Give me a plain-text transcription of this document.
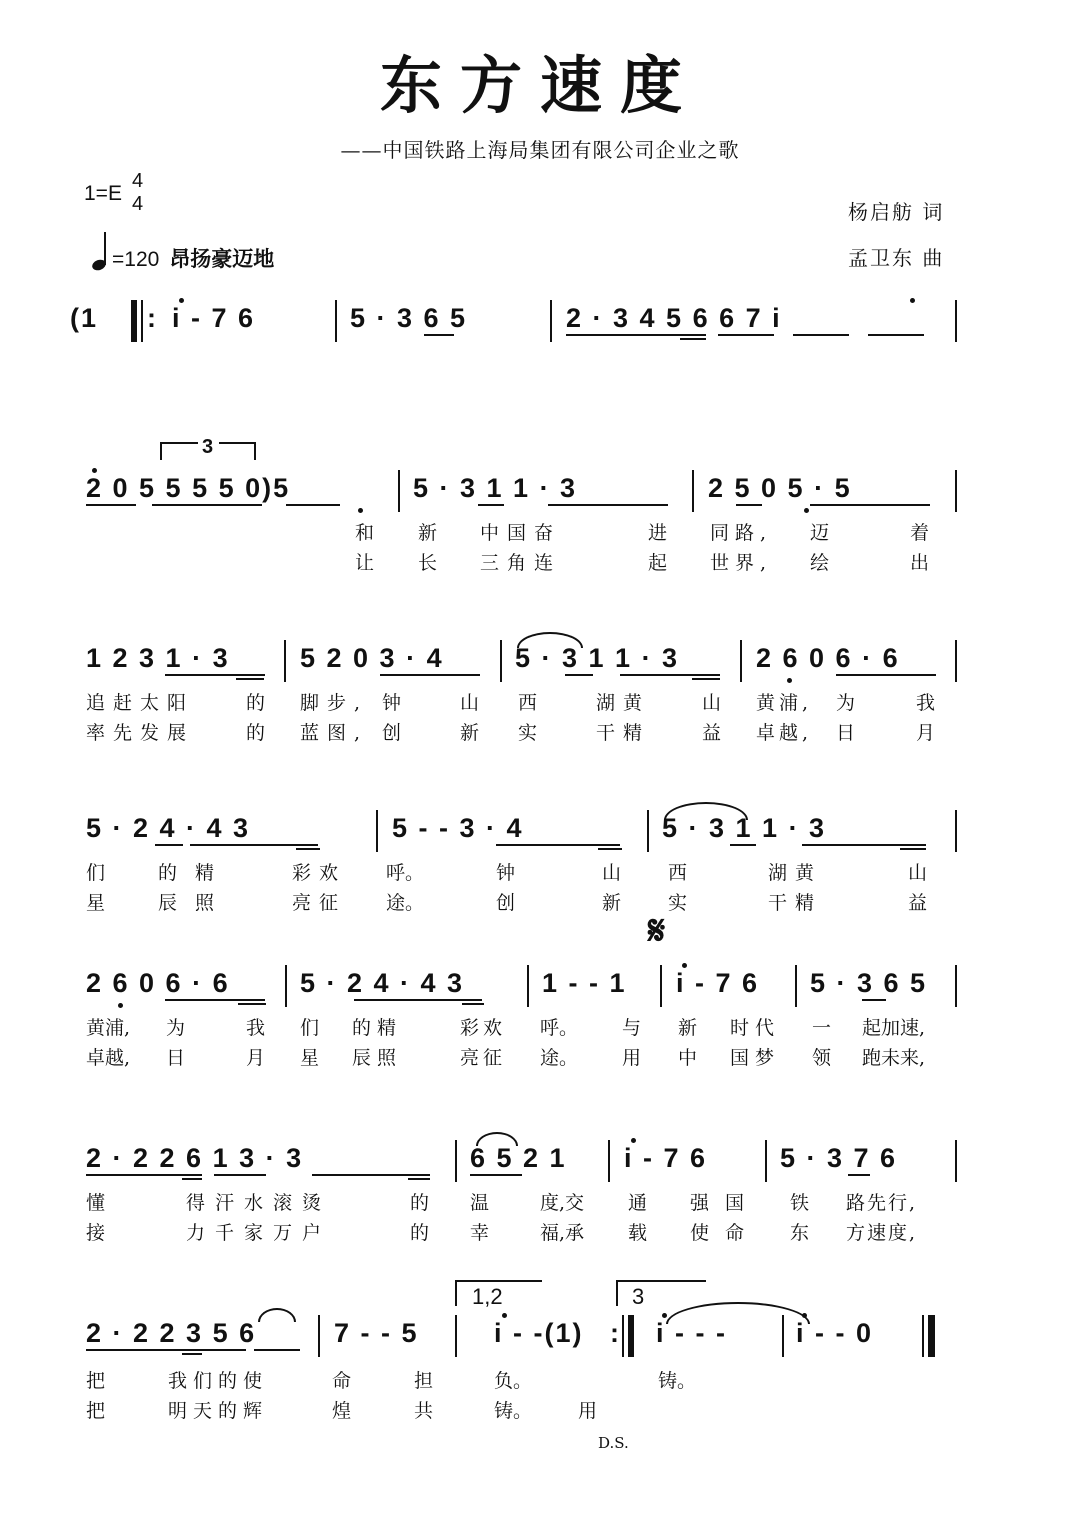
东方速度
——中国铁路上海局集团有限公司企业之歌
1=E
4
4
=120 昂扬豪迈地
杨启舫 词
孟卫东 曲
(1 : i - 7 6	5 · 3 6 5	2 · 3 4 5 6 6 7 i
3
2 0 5 5 5 5 0)5	5 · 3 1 1 · 3	2 5 0 5 · 5
和 新 中国奋	进 同路, 迈	着
让 长 三角连	起 世界, 绘	出
1 2 3 1 · 3	5 2 0 3 · 4	5 · 3 1 1 · 3	2 6 0 6 · 6
追赶太阳	的 脚步, 钟	山 西	湖黄	山 黄浦, 为	我
率先发展	的 蓝图, 创	新 实	干精	益 卓越, 日	月
5 · 2 4 · 4 3	5 - - 3 · 4	5 · 3 1 1 · 3
们	的精	彩欢 呼。	钟	山 西	湖黄	山
星	辰照	亮征 途。	创	新 实	干精	益
𝄋
2 6 0 6 · 6	5 · 2 4 · 4 3	1 - - 1 i - 7 6 5 · 3 6 5
黄浦, 为	我 们 的精	彩欢 呼。 与 新 时代 一 起加速,
卓越, 日	月 星 辰照	亮征 途。 用 中 国梦 领 跑未来,
2 · 2 2 6 1 3 · 3	6 5 2 1 i - 7 6	5 · 3 7 6
懂	得汗水滚烫	的 温	度,交 通 强国 铁 路先行,
接	力千家万户	的 幸	福,承 载 使命 东 方速度,
1,2	3
2 · 2 2 3 5 6	7 - - 5	i - -(1) : i - - -	i - - 0
把	我们的使	命	担	负。	铸。
把	明天的辉	煌	共	铸。 用
D.S.
